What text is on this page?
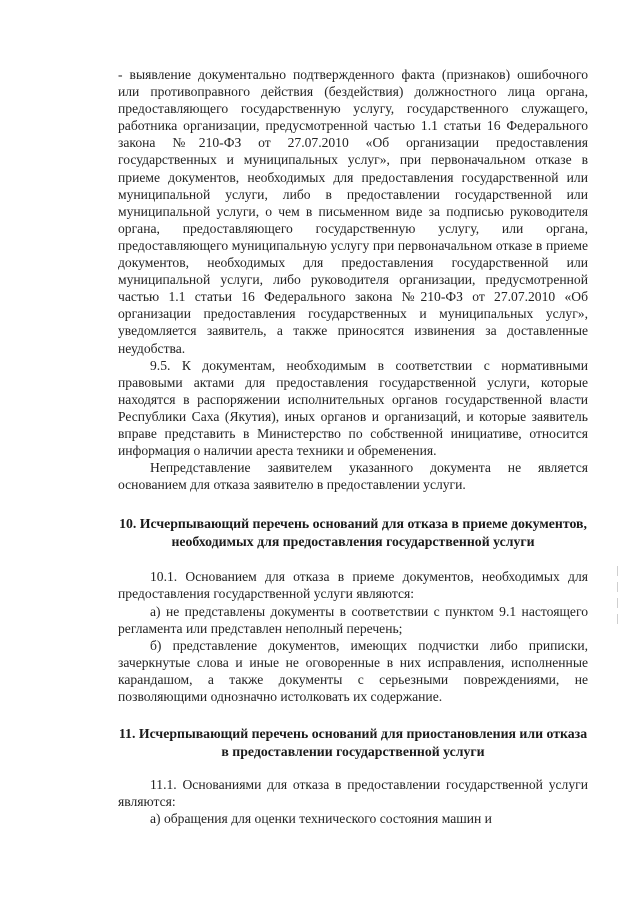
- выявление документально подтвержденного факта (признаков) ошибочного или противоправного действия (бездействия) должностного лица органа, предоставляющего государственную услугу, государственного служащего, работника организации, предусмотренной частью 1.1 статьи 16 Федерального закона №210-ФЗ от 27.07.2010 «Об организации предоставления государственных и муниципальных услуг», при первоначальном отказе в приеме документов, необходимых для предоставления государственной или муниципальной услуги, либо в предоставлении государственной или муниципальной услуги, о чем в письменном виде за подписью руководителя органа, предоставляющего государственную услугу, или органа, предоставляющего муниципальную услугу при первоначальном отказе в приеме документов, необходимых для предоставления государственной или муниципальной услуги, либо руководителя организации, предусмотренной частью 1.1 статьи 16 Федерального закона №210-ФЗ от 27.07.2010 «Об организации предоставления государственных и муниципальных услуг», уведомляется заявитель, а также приносятся извинения за доставленные неудобства.

9.5. К документам, необходимым в соответствии с нормативными правовыми актами для предоставления государственной услуги, которые находятся в распоряжении исполнительных органов государственной власти Республики Саха (Якутия), иных органов и организаций, и которые заявитель вправе представить в Министерство по собственной инициативе, относится информация о наличии ареста техники и обременения.

Непредставление заявителем указанного документа не является основанием для отказа заявителю в предоставлении услуги.

10. Исчерпывающий перечень оснований для отказа в приеме документов, необходимых для предоставления государственной услуги

10.1. Основанием для отказа в приеме документов, необходимых для предоставления государственной услуги являются:

а) не представлены документы в соответствии с пунктом 9.1 настоящего регламента или представлен неполный перечень;

б) представление документов, имеющих подчистки либо приписки, зачеркнутые слова и иные не оговоренные в них исправления, исполненные карандашом, а также документы с серьезными повреждениями, не позволяющими однозначно истолковать их содержание.

11. Исчерпывающий перечень оснований для приостановления или отказа в предоставлении государственной услуги

11.1. Основаниями для отказа в предоставлении государственной услуги являются:

а) обращения для оценки технического состояния машин и
